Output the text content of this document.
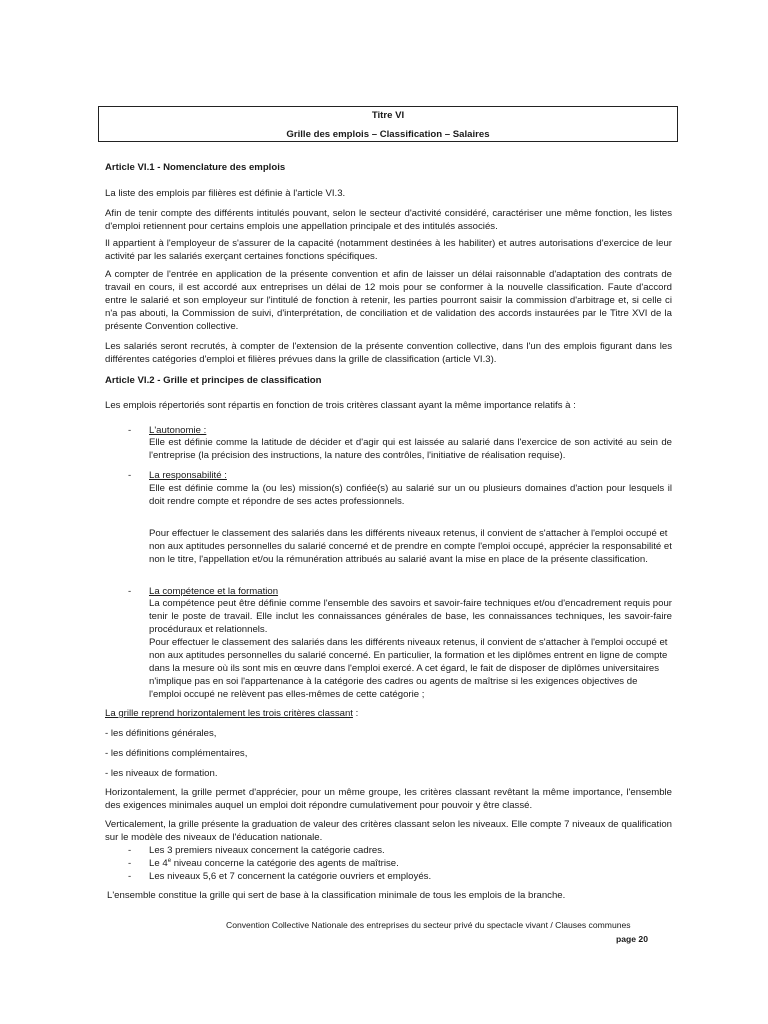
Titre VI
Grille des emplois – Classification – Salaires

Article VI.1 - Nomenclature des emplois

La liste des emplois par filières est définie à l'article VI.3.

Afin de tenir compte des différents intitulés pouvant, selon le secteur d'activité considéré, caractériser une même fonction, les listes d'emploi retiennent pour certains emplois une appellation principale et des intitulés associés.

Il appartient à l'employeur de s'assurer de la capacité (notamment destinées à les habiliter) et autres autorisations d'exercice de leur activité par les salariés exerçant certaines fonctions spécifiques.

A compter de l'entrée en application de la présente convention et afin de laisser un délai raisonnable d'adaptation des contrats de travail en cours, il est accordé aux entreprises un délai de 12 mois pour se conformer à la nouvelle classification. Faute d'accord entre le salarié et son employeur sur l'intitulé de fonction à retenir, les parties pourront saisir la commission d'arbitrage et, si celle ci n'a pas abouti, la Commission de suivi, d'interprétation, de conciliation et de validation des accords instaurées par le Titre XVI de la présente Convention collective.

Les salariés seront recrutés, à compter de l'extension de la présente convention collective, dans l'un des emplois figurant dans les différentes catégories d'emploi et filières prévues dans la grille de classification (article VI.3).

Article VI.2 - Grille et principes de classification

Les emplois répertoriés sont répartis en fonction de trois critères classant ayant la même importance relatifs à :

- L'autonomie :

Elle est définie comme la latitude de décider et d'agir qui est laissée au salarié dans l'exercice de son activité au sein de l'entreprise (la précision des instructions, la nature des contrôles, l'initiative de réalisation requise).

- La responsabilité :

Elle est définie comme la (ou les) mission(s) confiée(s) au salarié sur un ou plusieurs domaines d'action pour lesquels il doit rendre compte et répondre de ses actes professionnels.

Pour effectuer le classement des salariés dans les différents niveaux retenus, il convient de s'attacher à l'emploi occupé et non aux aptitudes personnelles du salarié concerné et de prendre en compte l'emploi occupé, apprécier la responsabilité et non le titre, l'appellation et/ou la rémunération attribués au salarié avant la mise en place de la présente classification.

- La compétence et la formation

La compétence peut être définie comme l'ensemble des savoirs et savoir-faire techniques et/ou d'encadrement requis pour tenir le poste de travail. Elle inclut les connaissances générales de base, les connaissances techniques, les savoir-faire procéduraux et relationnels.

Pour effectuer le classement des salariés dans les différents niveaux retenus, il convient de s'attacher à l'emploi occupé et non aux aptitudes personnelles du salarié concerné. En particulier, la formation et les diplômes entrent en ligne de compte dans la mesure où ils sont mis en œuvre dans l'emploi exercé. A cet égard, le fait de disposer de diplômes universitaires n'implique pas en soi l'appartenance à la catégorie des cadres ou agents de maîtrise si les exigences objectives de l'emploi occupé ne relèvent pas elles-mêmes de cette catégorie ;

La grille reprend horizontalement les trois critères classant :

- les définitions générales,

- les définitions complémentaires,

- les niveaux de formation.

Horizontalement, la grille permet d'apprécier, pour un même groupe, les critères classant revêtant la même importance, l'ensemble des exigences minimales auquel un emploi doit répondre cumulativement pour pouvoir y être classé.

Verticalement, la grille présente la graduation de valeur des critères classant selon les niveaux. Elle compte 7 niveaux de qualification sur le modèle des niveaux de l'éducation nationale.

- Les 3 premiers niveaux concernent la catégorie cadres.
- Le 4e niveau concerne la catégorie des agents de maîtrise.
- Les niveaux 5,6 et 7 concernent la catégorie ouvriers et employés.

L'ensemble constitue la grille qui sert de base à la classification minimale de tous les emplois de la branche.

Convention Collective Nationale des entreprises du secteur privé du spectacle vivant / Clauses communes
page 20
